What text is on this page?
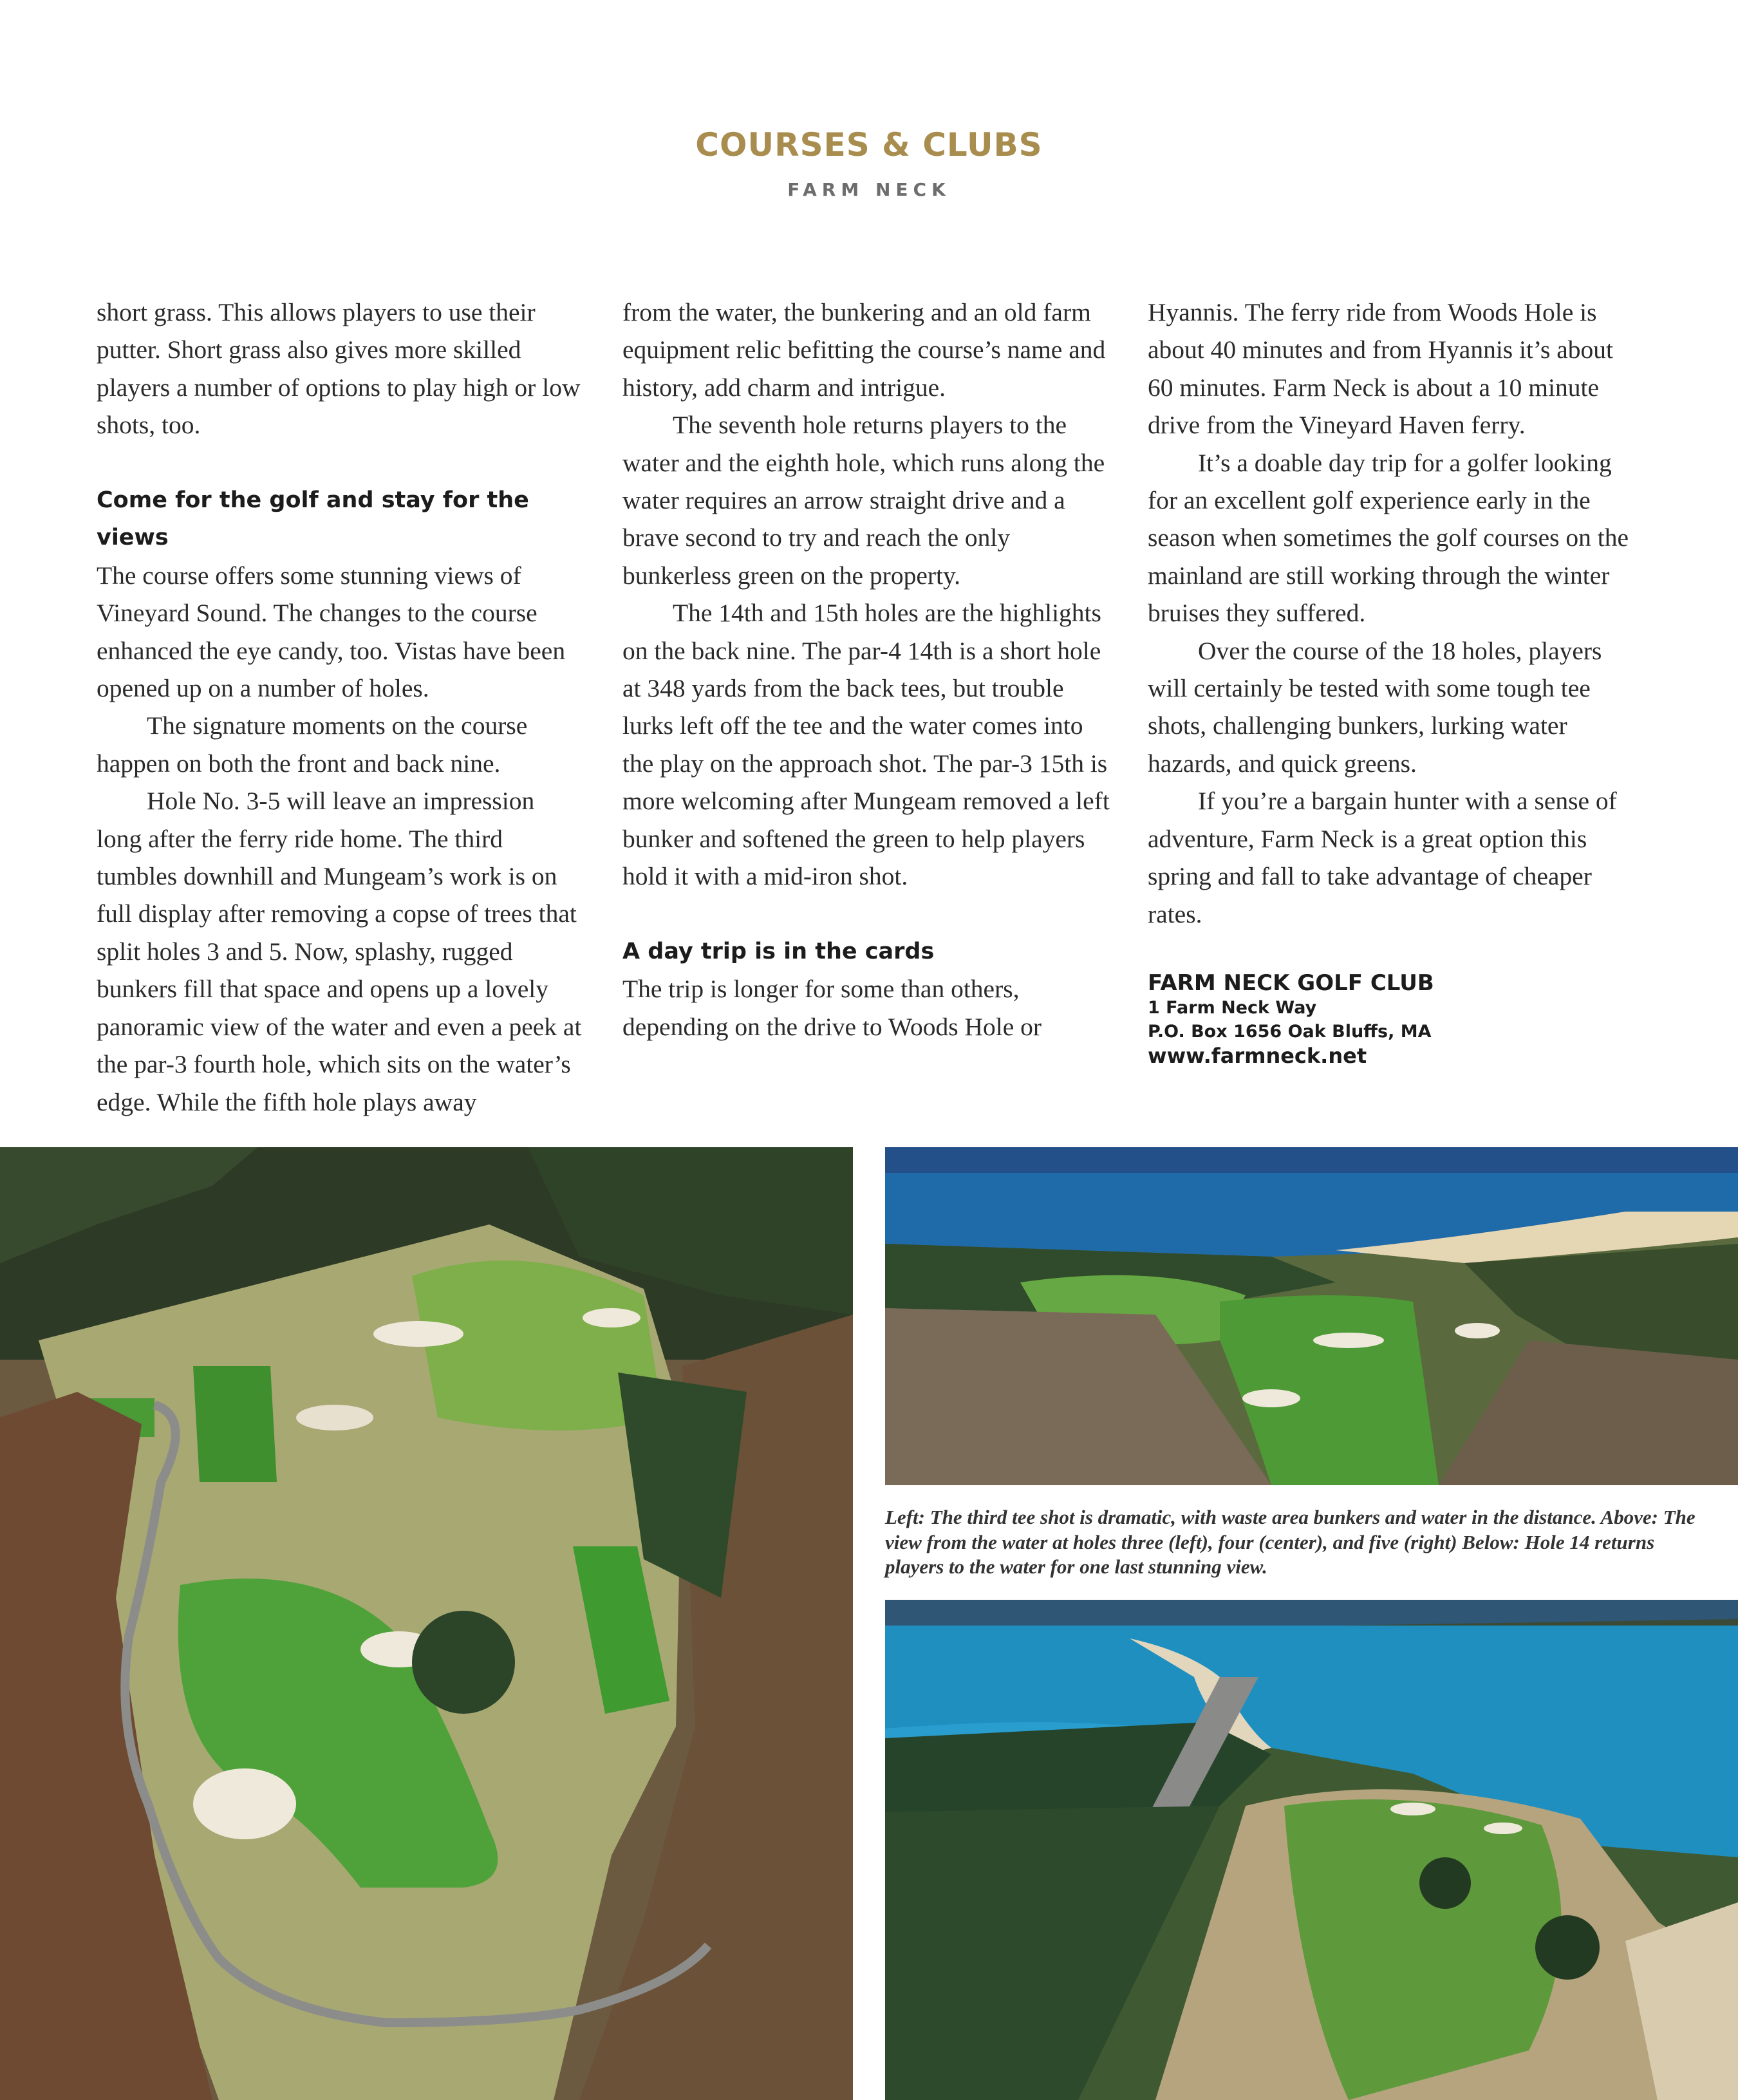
COURSES & CLUBS
FARM NECK

short grass. This allows players to use their putter. Short grass also gives more skilled players a number of options to play high or low shots, too.

Come for the golf and stay for the views

The course offers some stunning views of Vineyard Sound. The changes to the course enhanced the eye candy, too. Vistas have been opened up on a number of holes.

The signature moments on the course happen on both the front and back nine.

Hole No. 3-5 will leave an impression long after the ferry ride home. The third tumbles downhill and Mungeam’s work is on full display after removing a copse of trees that split holes 3 and 5. Now, splashy, rugged bunkers fill that space and opens up a lovely panoramic view of the water and even a peek at the par-3 fourth hole, which sits on the water’s edge. While the fifth hole plays away

from the water, the bunkering and an old farm equipment relic befitting the course’s name and history, add charm and intrigue.

The seventh hole returns players to the water and the eighth hole, which runs along the water requires an arrow straight drive and a brave second to try and reach the only bunkerless green on the property.

The 14th and 15th holes are the highlights on the back nine. The par-4 14th is a short hole at 348 yards from the back tees, but trouble lurks left off the tee and the water comes into the play on the approach shot. The par-3 15th is more welcoming after Mungeam removed a left bunker and softened the green to help players hold it with a mid-iron shot.

A day trip is in the cards

The trip is longer for some than others, depending on the drive to Woods Hole or

Hyannis. The ferry ride from Woods Hole is about 40 minutes and from Hyannis it’s about 60 minutes. Farm Neck is about a 10 minute drive from the Vineyard Haven ferry.

It’s a doable day trip for a golfer looking for an excellent golf experience early in the season when sometimes the golf courses on the mainland are still working through the winter bruises they suffered.

Over the course of the 18 holes, players will certainly be tested with some tough tee shots, challenging bunkers, lurking water hazards, and quick greens.

If you’re a bargain hunter with a sense of adventure, Farm Neck is a great option this spring and fall to take advantage of cheaper rates.

FARM NECK GOLF CLUB
1 Farm Neck Way
P.O. Box 1656 Oak Bluffs, MA
www.farmneck.net
Left: The third tee shot is dramatic, with waste area bunkers and water in the distance. Above: The view from the water at holes three (left), four (center), and five (right) Below: Hole 14 returns players to the water for one last stunning view.
